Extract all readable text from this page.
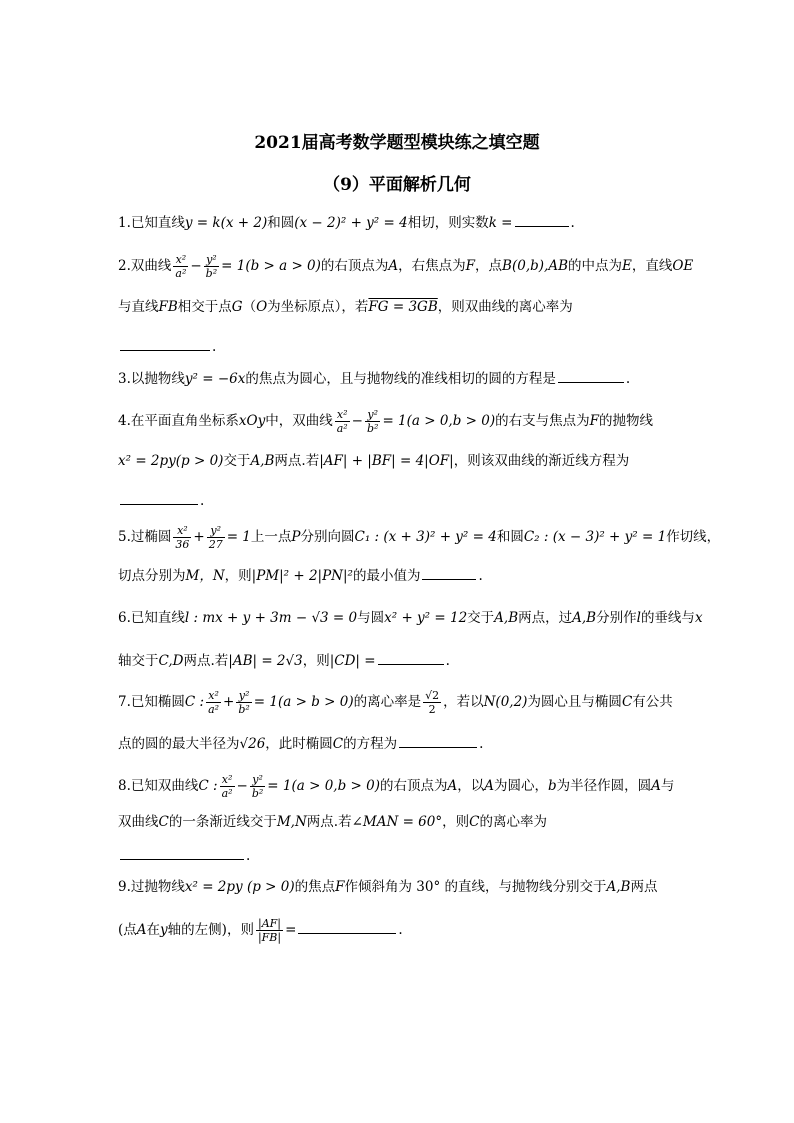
2021届高考数学题型模块练之填空题
（9）平面解析几何
1.已知直线y = k(x + 2)和圆(x − 2)² + y² = 4相切，则实数k =	.
2.双曲线 $\frac{\text{x²}}{\text{a²}} - \frac{\text{y²}}{\text{b²}} = 1(b > a > 0)$的右顶点为A，右焦点为F，点B(0,b),AB的中点为E，直线OE
与直线FB相交于点G（O为坐标原点），若FG = 3GB，则双曲线的离心率为
.
3.以抛物线y² = −6x的焦点为圆心，且与抛物线的准线相切的圆的方程是	.
4.在平面直角坐标系xOy中，双曲线 $\frac{\text{x²}}{\text{a²}} - \frac{\text{y²}}{\text{b²}} = 1(a > 0,b > 0)$的右支与焦点为F的抛物线
x² = 2py(p > 0)交于A,B两点.若|AF| + |BF| = 4|OF|，则该双曲线的渐近线方程为
.
5.过椭圆 $\frac{\text{x²}}{36} + \frac{\text{y²}}{27} = 1$上一点P分别向圆C₁ : (x + 3)² + y² = 4和圆C₂ : (x − 3)² + y² = 1作切线，
切点分别为M，N，则|PM|² + 2|PN|²的最小值为	.
6.已知直线l : mx + y + 3m − √3 = 0与圆x² + y² = 12交于A,B两点，过A,B分别作l的垂线与x
轴交于C,D两点.若|AB| = 2√3，则|CD| =	.
7.已知椭圆C : $\frac{\text{x²}}{\text{a²}} + \frac{\text{y²}}{\text{b²}} = 1(a > b > 0)$的离心率是 $\frac{√2}{2}$ ，若以N(0,2)为圆心且与椭圆C有公共
点的圆的最大半径为√26，此时椭圆C的方程为	.
8.已知双曲线C : $\frac{\text{x²}}{\text{a²}} - \frac{\text{y²}}{\text{b²}} = 1(a > 0,b > 0)$的右顶点为A，以A为圆心，b为半径作圆，圆A与
双曲线C的一条渐近线交于M,N两点.若∠MAN = 60°，则C的离心率为
.
9.过抛物线x² = 2py (p > 0)的焦点F作倾斜角为 30° 的直线，与抛物线分别交于A,B两点
(点A在y轴的左侧)，则 $\frac{|AF|}{|FB|}$ =	.
